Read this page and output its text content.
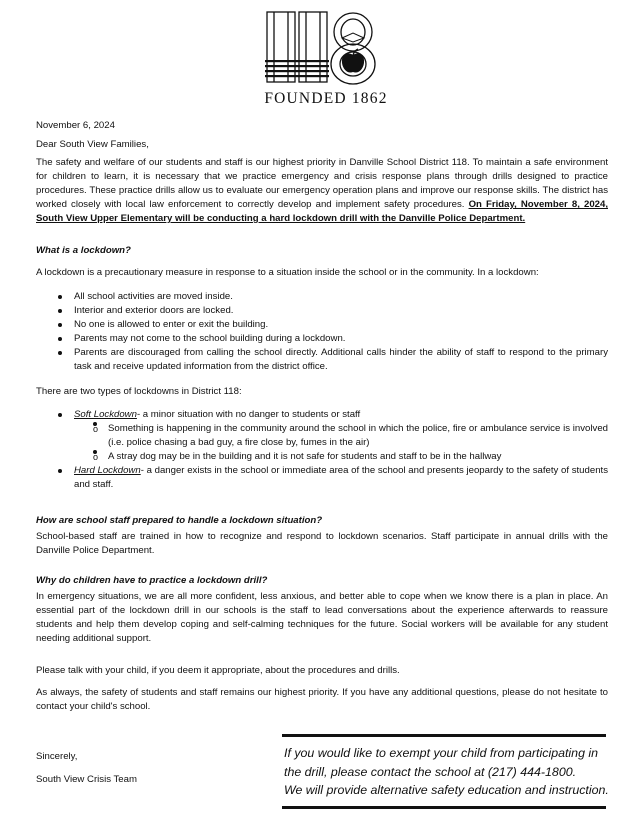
FOUNDED 1862
November 6, 2024
Dear South View Families,
The safety and welfare of our students and staff is our highest priority in Danville School District 118. To maintain a safe environment for children to learn, it is necessary that we practice emergency and crisis response plans through drills designed to practice procedures. These practice drills allow us to evaluate our emergency operation plans and improve our response skills. The district has worked closely with local law enforcement to correctly develop and implement safety procedures. On Friday, November 8, 2024, South View Upper Elementary will be conducting a hard lockdown drill with the Danville Police Department.
What is a lockdown?
A lockdown is a precautionary measure in response to a situation inside the school or in the community. In a lockdown:
All school activities are moved inside.
Interior and exterior doors are locked.
No one is allowed to enter or exit the building.
Parents may not come to the school building during a lockdown.
Parents are discouraged from calling the school directly. Additional calls hinder the ability of staff to respond to the primary task and receive updated information from the district office.
There are two types of lockdowns in District 118:
Soft Lockdown- a minor situation with no danger to students or staff
o Something is happening in the community around the school in which the police, fire or ambulance service is involved (i.e. police chasing a bad guy, a fire close by, fumes in the air)
o A stray dog may be in the building and it is not safe for students and staff to be in the hallway
Hard Lockdown- a danger exists in the school or immediate area of the school and presents jeopardy to the safety of students and staff.
How are school staff prepared to handle a lockdown situation?
School-based staff are trained in how to recognize and respond to lockdown scenarios. Staff participate in annual drills with the Danville Police Department.
Why do children have to practice a lockdown drill?
In emergency situations, we are all more confident, less anxious, and better able to cope when we know there is a plan in place. An essential part of the lockdown drill in our schools is the staff to lead conversations about the experience afterwards to reassure students and help them develop coping and self-calming techniques for the future. Social workers will be available for any student needing additional support.
Please talk with your child, if you deem it appropriate, about the procedures and drills.
As always, the safety of students and staff remains our highest priority. If you have any additional questions, please do not hesitate to contact your child's school.
Sincerely,
South View Crisis Team
If you would like to exempt your child from participating in
the drill, please contact the school at (217) 444-1800.
We will provide alternative safety education and instruction.
